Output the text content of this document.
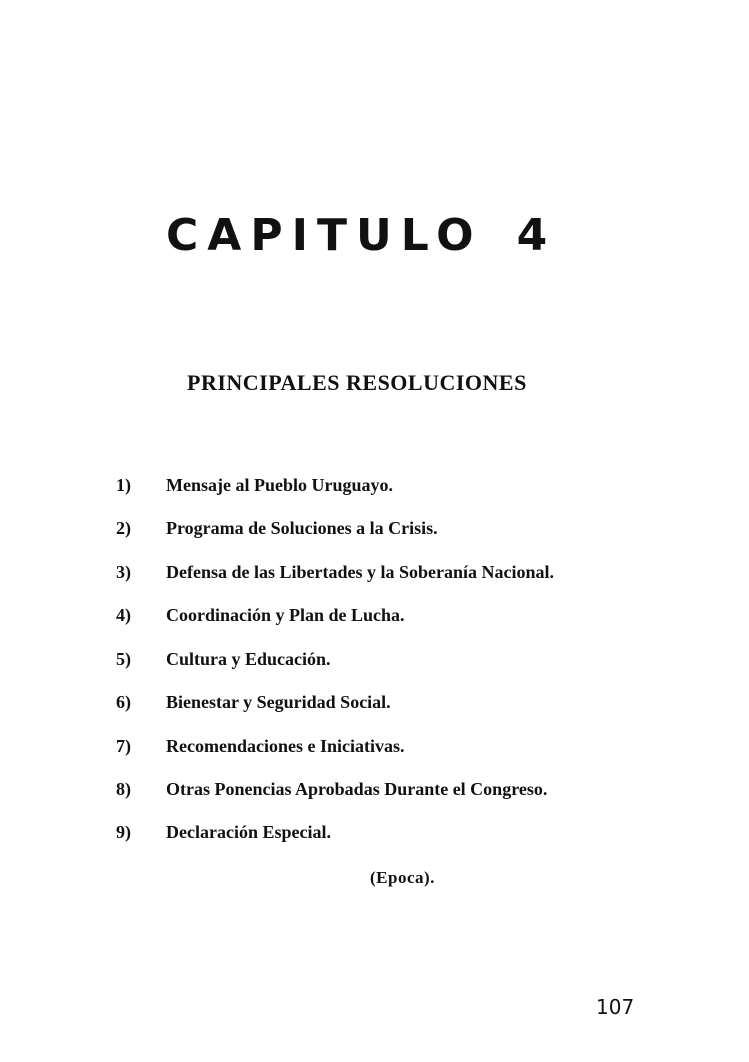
CAPITULO 4
PRINCIPALES RESOLUCIONES
1) Mensaje al Pueblo Uruguayo.
2) Programa de Soluciones a la Crisis.
3) Defensa de las Libertades y la Soberanía Nacional.
4) Coordinación y Plan de Lucha.
5) Cultura y Educación.
6) Bienestar y Seguridad Social.
7) Recomendaciones e Iniciativas.
8) Otras Ponencias Aprobadas Durante el Congreso.
9) Declaración Especial.
(Epoca).
107
